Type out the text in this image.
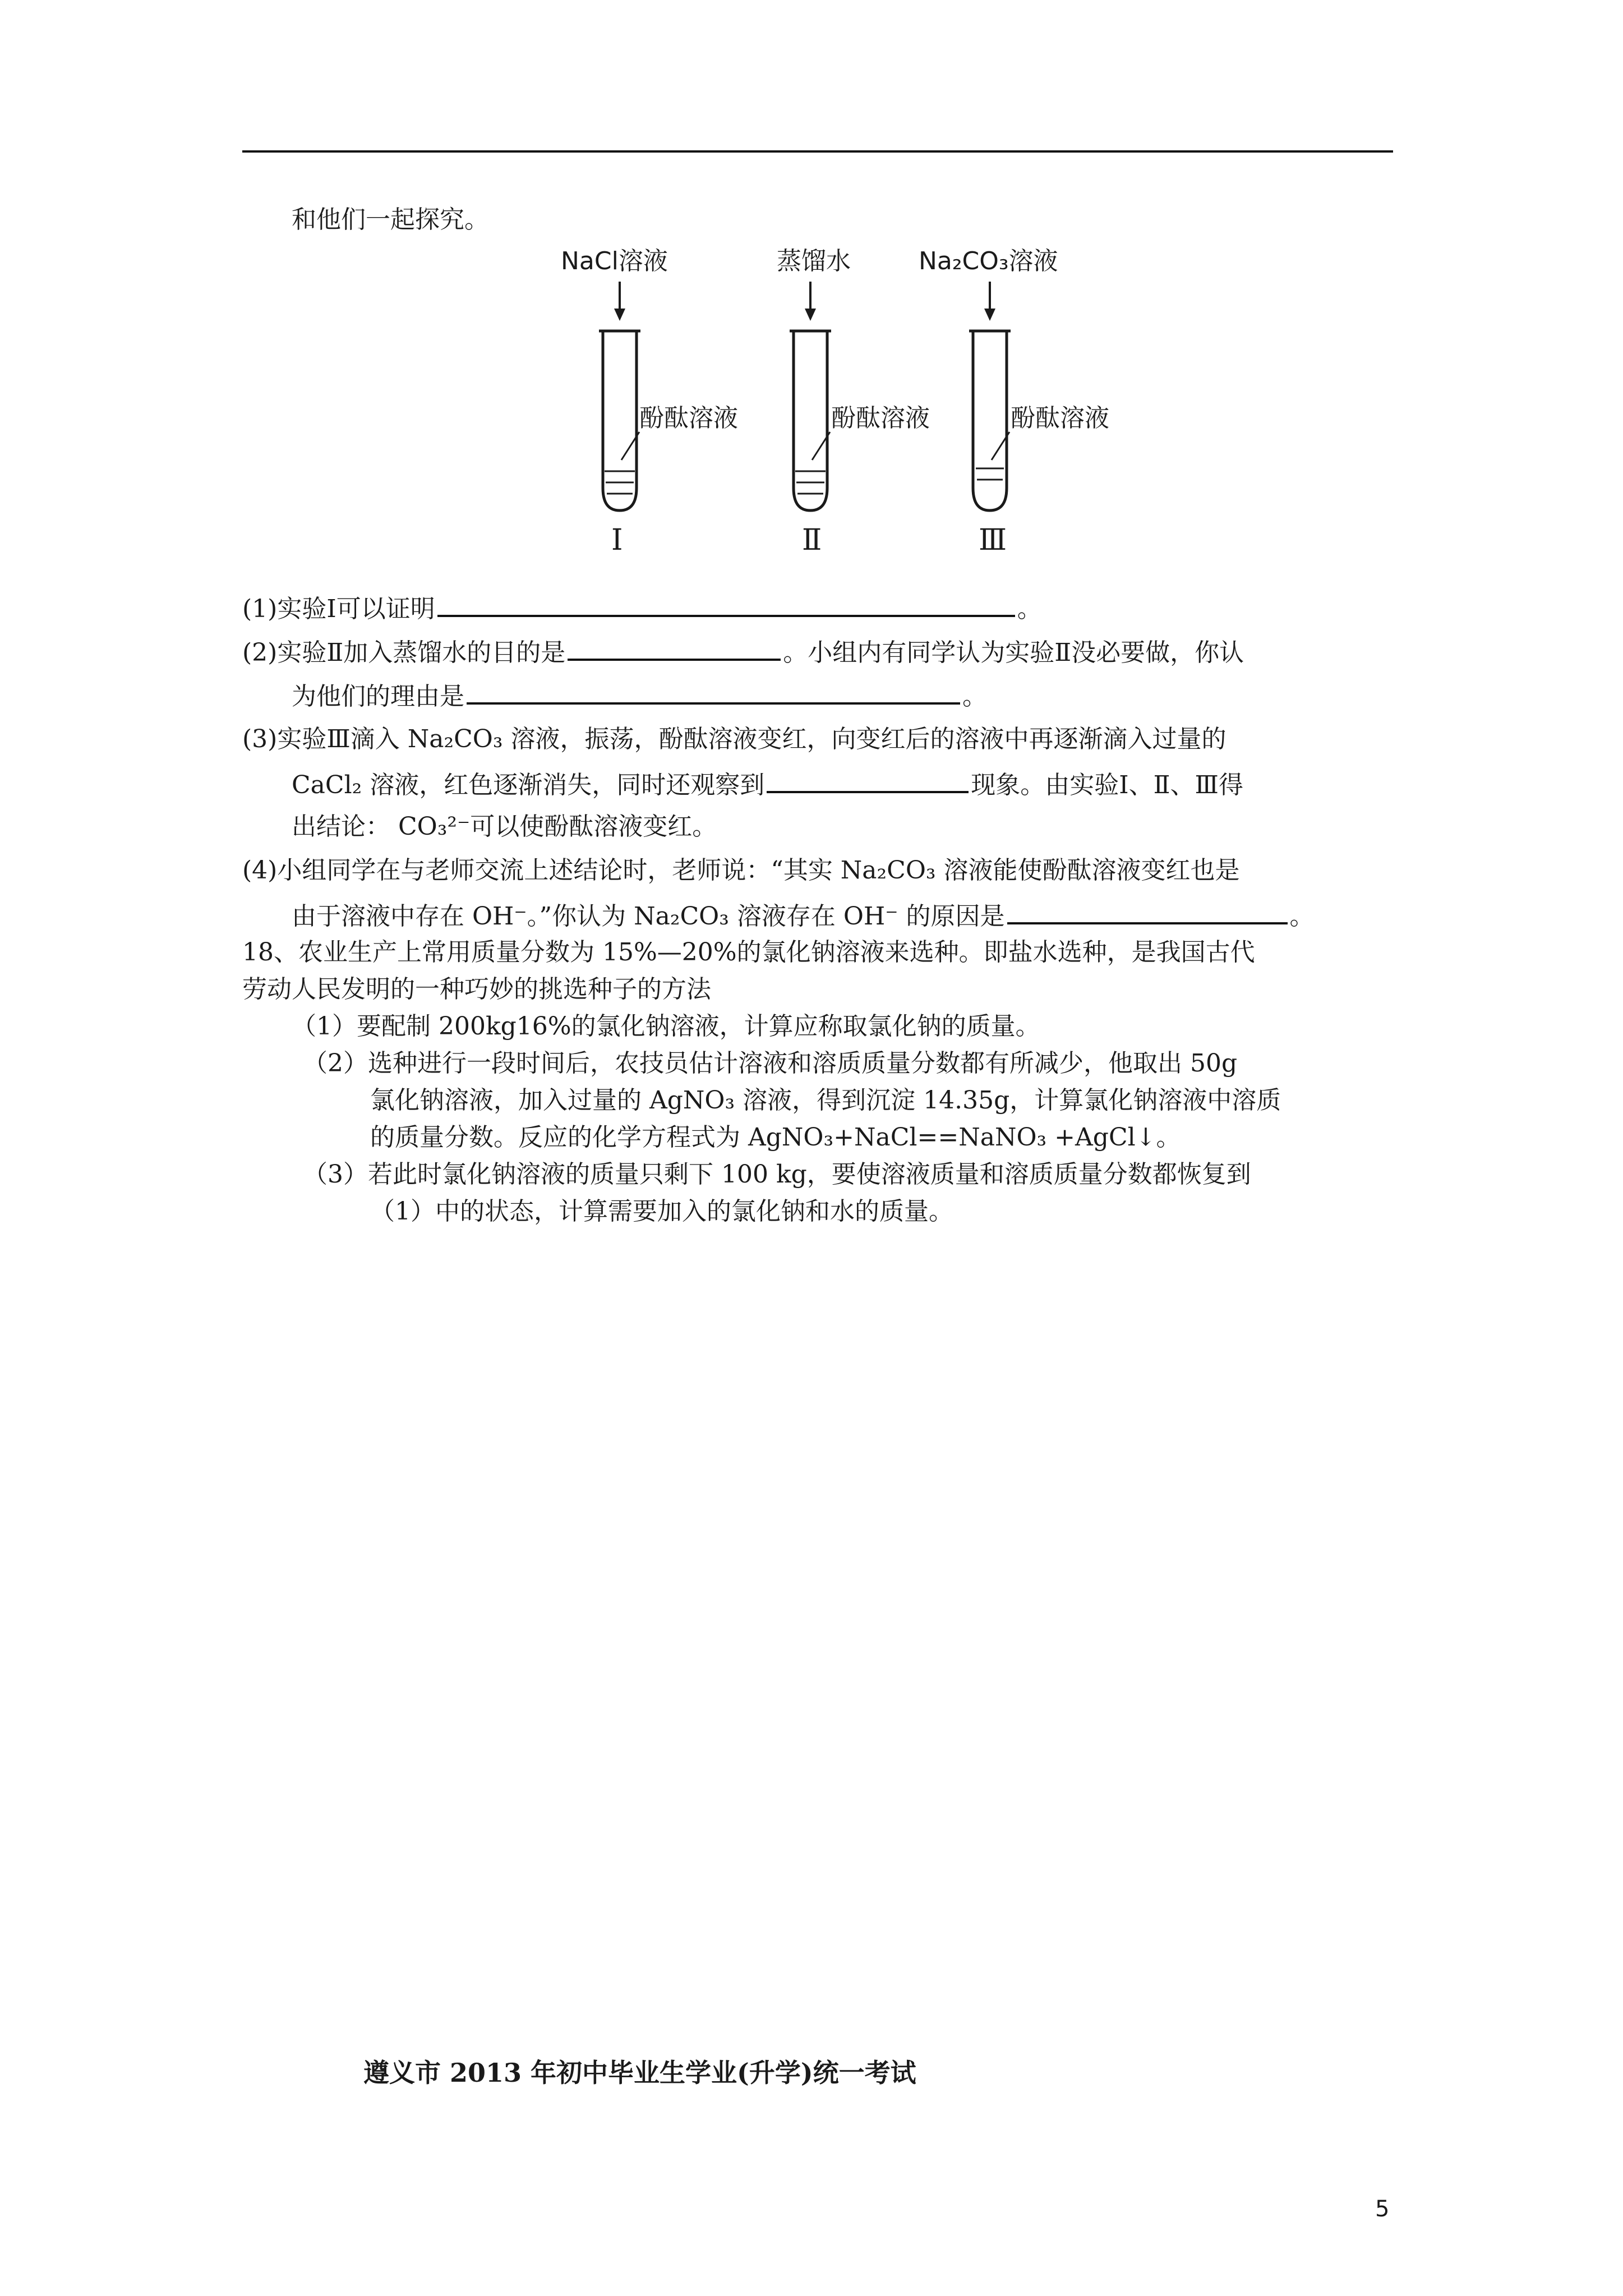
和他们一起探究。
NaCl溶液
酚酞溶液
Ⅰ
蒸馏水
酚酞溶液
Ⅱ
Na₂CO₃溶液
酚酞溶液
Ⅲ
(1)实验Ⅰ可以证明	。
(2)实验Ⅱ加入蒸馏水的目的是	。小组内有同学认为实验Ⅱ没必要做，你认
为他们的理由是	。
(3)实验Ⅲ滴入 Na₂CO₃ 溶液，振荡，酚酞溶液变红，向变红后的溶液中再逐渐滴入过量的
CaCl₂ 溶液，红色逐渐消失，同时还观察到	现象。由实验Ⅰ、Ⅱ、Ⅲ得
出结论： CO₃²⁻可以使酚酞溶液变红。
(4)小组同学在与老师交流上述结论时，老师说：“其实 Na₂CO₃ 溶液能使酚酞溶液变红也是
由于溶液中存在 OH⁻。”你认为 Na₂CO₃ 溶液存在 OH⁻ 的原因是	。
18、农业生产上常用质量分数为 15%—20%的氯化钠溶液来选种。即盐水选种，是我国古代
劳动人民发明的一种巧妙的挑选种子的方法
（1）要配制 200kg16%的氯化钠溶液，计算应称取氯化钠的质量。
（2）选种进行一段时间后，农技员估计溶液和溶质质量分数都有所减少，他取出 50g
氯化钠溶液，加入过量的 AgNO₃ 溶液，得到沉淀 14.35g，计算氯化钠溶液中溶质
的质量分数。反应的化学方程式为 AgNO₃+NaCl==NaNO₃ +AgCl↓。
（3）若此时氯化钠溶液的质量只剩下 100 kg，要使溶液质量和溶质质量分数都恢复到
（1）中的状态，计算需要加入的氯化钠和水的质量。
遵义市 2013 年初中毕业生学业(升学)统一考试
5
